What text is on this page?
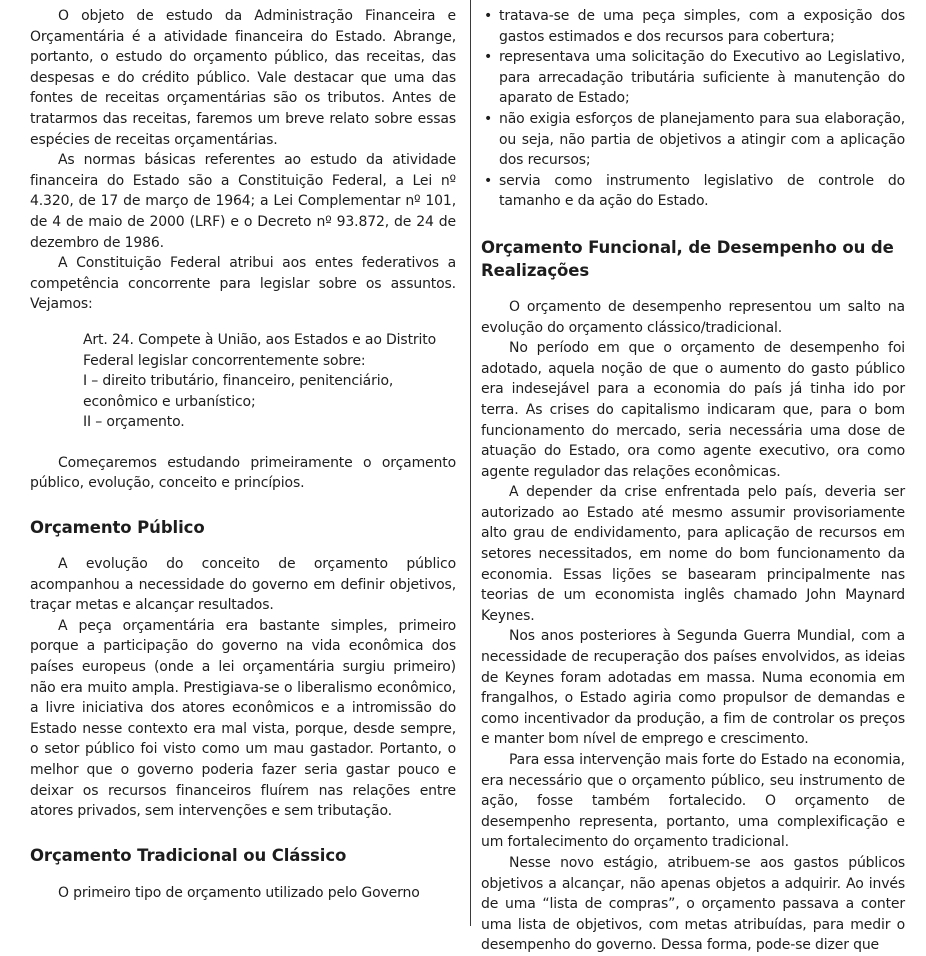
O objeto de estudo da Administração Financeira e Orçamentária é a atividade financeira do Estado. Abrange, portanto, o estudo do orçamento público, das receitas, das despesas e do crédito público. Vale destacar que uma das fontes de receitas orçamentárias são os tributos. Antes de tratarmos das receitas, faremos um breve relato sobre essas espécies de receitas orçamentárias.

As normas básicas referentes ao estudo da atividade financeira do Estado são a Constituição Federal, a Lei nº 4.320, de 17 de março de 1964; a Lei Complementar nº 101, de 4 de maio de 2000 (LRF) e o Decreto nº 93.872, de 24 de dezembro de 1986.

A Constituição Federal atribui aos entes federativos a competência concorrente para legislar sobre os assuntos. Vejamos:

Art. 24. Compete à União, aos Estados e ao Distrito Federal legislar concorrentemente sobre:

I – direito tributário, financeiro, penitenciário, econômico e urbanístico;

II – orçamento.

Começaremos estudando primeiramente o orçamento público, evolução, conceito e princípios.

Orçamento Público

A evolução do conceito de orçamento público acompanhou a necessidade do governo em definir objetivos, traçar metas e alcançar resultados.

A peça orçamentária era bastante simples, primeiro porque a participação do governo na vida econômica dos países europeus (onde a lei orçamentária surgiu primeiro) não era muito ampla. Prestigiava-se o liberalismo econômico, a livre iniciativa dos atores econômicos e a intromissão do Estado nesse contexto era mal vista, porque, desde sempre, o setor público foi visto como um mau gastador. Portanto, o melhor que o governo poderia fazer seria gastar pouco e deixar os recursos financeiros fluírem nas relações entre atores privados, sem intervenções e sem tributação.

Orçamento Tradicional ou Clássico

O primeiro tipo de orçamento utilizado pelo Governo

• tratava-se de uma peça simples, com a exposição dos gastos estimados e dos recursos para cobertura;
• representava uma solicitação do Executivo ao Legislativo, para arrecadação tributária suficiente à manutenção do aparato de Estado;
• não exigia esforços de planejamento para sua elaboração, ou seja, não partia de objetivos a atingir com a aplicação dos recursos;
• servia como instrumento legislativo de controle do tamanho e da ação do Estado.
Orçamento Funcional, de Desempenho ou de Realizações

O orçamento de desempenho representou um salto na evolução do orçamento clássico/tradicional.

No período em que o orçamento de desempenho foi adotado, aquela noção de que o aumento do gasto público era indesejável para a economia do país já tinha ido por terra. As crises do capitalismo indicaram que, para o bom funcionamento do mercado, seria necessária uma dose de atuação do Estado, ora como agente executivo, ora como agente regulador das relações econômicas.

A depender da crise enfrentada pelo país, deveria ser autorizado ao Estado até mesmo assumir provisoriamente alto grau de endividamento, para aplicação de recursos em setores necessitados, em nome do bom funcionamento da economia. Essas lições se basearam principalmente nas teorias de um economista inglês chamado John Maynard Keynes.

Nos anos posteriores à Segunda Guerra Mundial, com a necessidade de recuperação dos países envolvidos, as ideias de Keynes foram adotadas em massa. Numa economia em frangalhos, o Estado agiria como propulsor de demandas e como incentivador da produção, a fim de controlar os preços e manter bom nível de emprego e crescimento.

Para essa intervenção mais forte do Estado na economia, era necessário que o orçamento público, seu instrumento de ação, fosse também fortalecido. O orçamento de desempenho representa, portanto, uma complexificação e um fortalecimento do orçamento tradicional.

Nesse novo estágio, atribuem-se aos gastos públicos objetivos a alcançar, não apenas objetos a adquirir. Ao invés de uma “lista de compras”, o orçamento passava a conter uma lista de objetivos, com metas atribuídas, para medir o desempenho do governo. Dessa forma, pode-se dizer que
